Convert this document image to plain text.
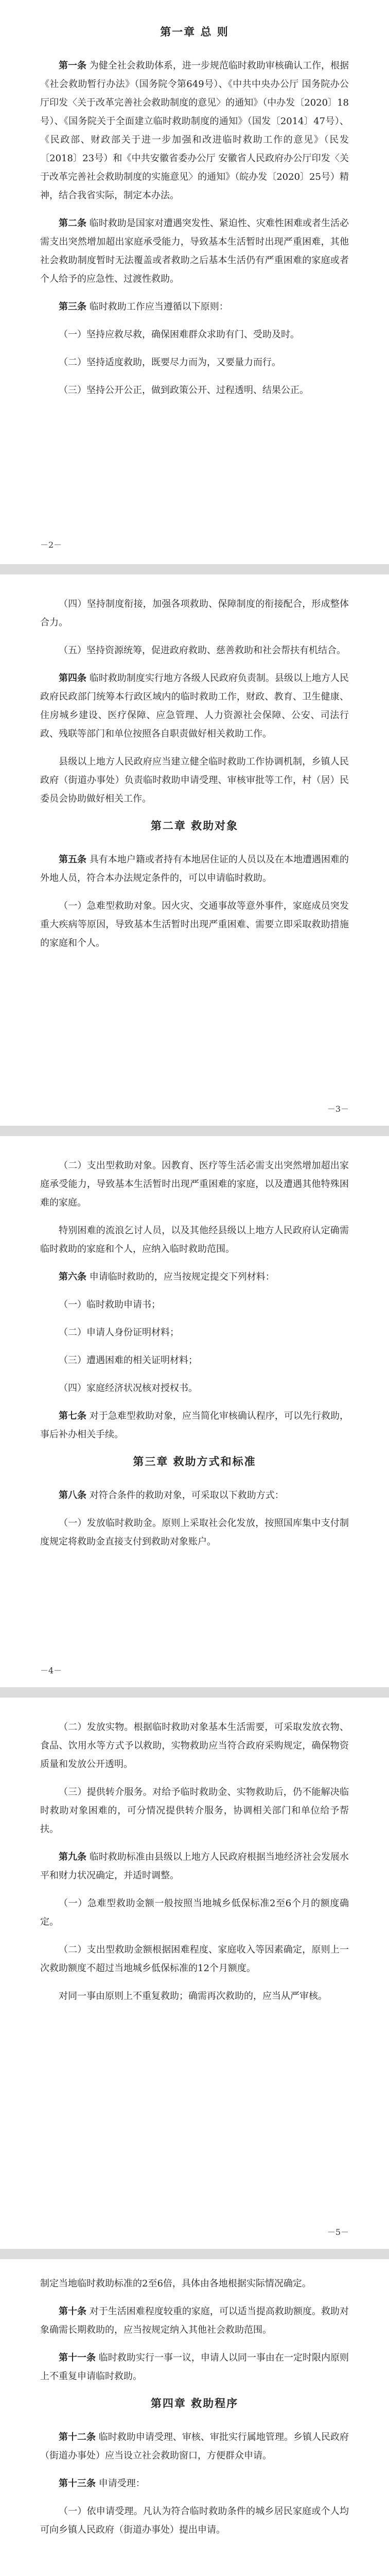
第一章 总 则

第一条 为健全社会救助体系，进一步规范临时救助审核确认工作，根据《社会救助暂行办法》（国务院令第649号）、《中共中央办公厅 国务院办公厅印发〈关于改革完善社会救助制度的意见〉的通知》（中办发〔2020〕18号）、《国务院关于全面建立临时救助制度的通知》（国发〔2014〕47号）、《民政部、财政部关于进一步加强和改进临时救助工作的意见》（民发〔2018〕23号）和《中共安徽省委办公厅 安徽省人民政府办公厅印发〈关于改革完善社会救助制度的实施意见〉的通知》（皖办发〔2020〕25号）精神，结合我省实际，制定本办法。

第二条 临时救助是国家对遭遇突发性、紧迫性、灾难性困难或者生活必需支出突然增加超出家庭承受能力，导致基本生活暂时出现严重困难，其他社会救助制度暂时无法覆盖或者救助之后基本生活仍有严重困难的家庭或者个人给予的应急性、过渡性救助。

第三条 临时救助工作应当遵循以下原则：

（一）坚持应救尽救，确保困难群众求助有门、受助及时。

（二）坚持适度救助，既要尽力而为，又要量力而行。

（三）坚持公开公正，做到政策公开、过程透明、结果公正。

－2－

（四）坚持制度衔接，加强各项救助、保障制度的衔接配合，形成整体合力。

（五）坚持资源统筹，促进政府救助、慈善救助和社会帮扶有机结合。

第四条 临时救助制度实行地方各级人民政府负责制。县级以上地方人民政府民政部门统筹本行政区域内的临时救助工作，财政、教育、卫生健康、住房城乡建设、医疗保障、应急管理、人力资源社会保障、公安、司法行政、残联等部门和单位按照各自职责做好相关救助工作。

县级以上地方人民政府应当建立健全临时救助工作协调机制，乡镇人民政府（街道办事处）负责临时救助申请受理、审核审批等工作，村（居）民委员会协助做好相关工作。

第二章 救助对象

第五条 具有本地户籍或者持有本地居住证的人员以及在本地遭遇困难的外地人员，符合本办法规定条件的，可以申请临时救助。

（一）急难型救助对象。因火灾、交通事故等意外事件，家庭成员突发重大疾病等原因，导致基本生活暂时出现严重困难、需要立即采取救助措施的家庭和个人。

－3－

（二）支出型救助对象。因教育、医疗等生活必需支出突然增加超出家庭承受能力，导致基本生活暂时出现严重困难的家庭，以及遭遇其他特殊困难的家庭。

特别困难的流浪乞讨人员，以及其他经县级以上地方人民政府认定确需临时救助的家庭和个人，应纳入临时救助范围。

第六条 申请临时救助的，应当按规定提交下列材料：

（一）临时救助申请书；

（二）申请人身份证明材料；

（三）遭遇困难的相关证明材料；

（四）家庭经济状况核对授权书。

第七条 对于急难型救助对象，应当简化审核确认程序，可以先行救助，事后补办相关手续。

第三章 救助方式和标准

第八条 对符合条件的救助对象，可采取以下救助方式：

（一）发放临时救助金。原则上采取社会化发放，按照国库集中支付制度规定将救助金直接支付到救助对象账户。

－4－

（二）发放实物。根据临时救助对象基本生活需要，可采取发放衣物、食品、饮用水等方式予以救助，实物救助应当符合政府采购规定，确保物资质量和发放公开透明。

（三）提供转介服务。对给予临时救助金、实物救助后，仍不能解决临时救助对象困难的，可分情况提供转介服务，协调相关部门和单位给予帮扶。

第九条 临时救助标准由县级以上地方人民政府根据当地经济社会发展水平和财力状况确定，并适时调整。

（一）急难型救助金额一般按照当地城乡低保标准2至6个月的额度确定。

（二）支出型救助金额根据困难程度、家庭收入等因素确定，原则上一次救助额度不超过当地城乡低保标准的12个月额度。

对同一事由原则上不重复救助；确需再次救助的，应当从严审核。

－5－

制定当地临时救助标准的2至6倍，具体由各地根据实际情况确定。

第十条 对于生活困难程度较重的家庭，可以适当提高救助额度。救助对象确需长期救助的，应当按规定纳入其他社会救助范围。

第十一条 临时救助实行一事一议，申请人以同一事由在一定时限内原则上不重复申请临时救助。

第四章 救助程序

第十二条 临时救助申请受理、审核、审批实行属地管理。乡镇人民政府（街道办事处）应当设立社会救助窗口，方便群众申请。

第十三条 申请受理：

（一）依申请受理。凡认为符合临时救助条件的城乡居民家庭或个人均可向乡镇人民政府（街道办事处）提出申请。
